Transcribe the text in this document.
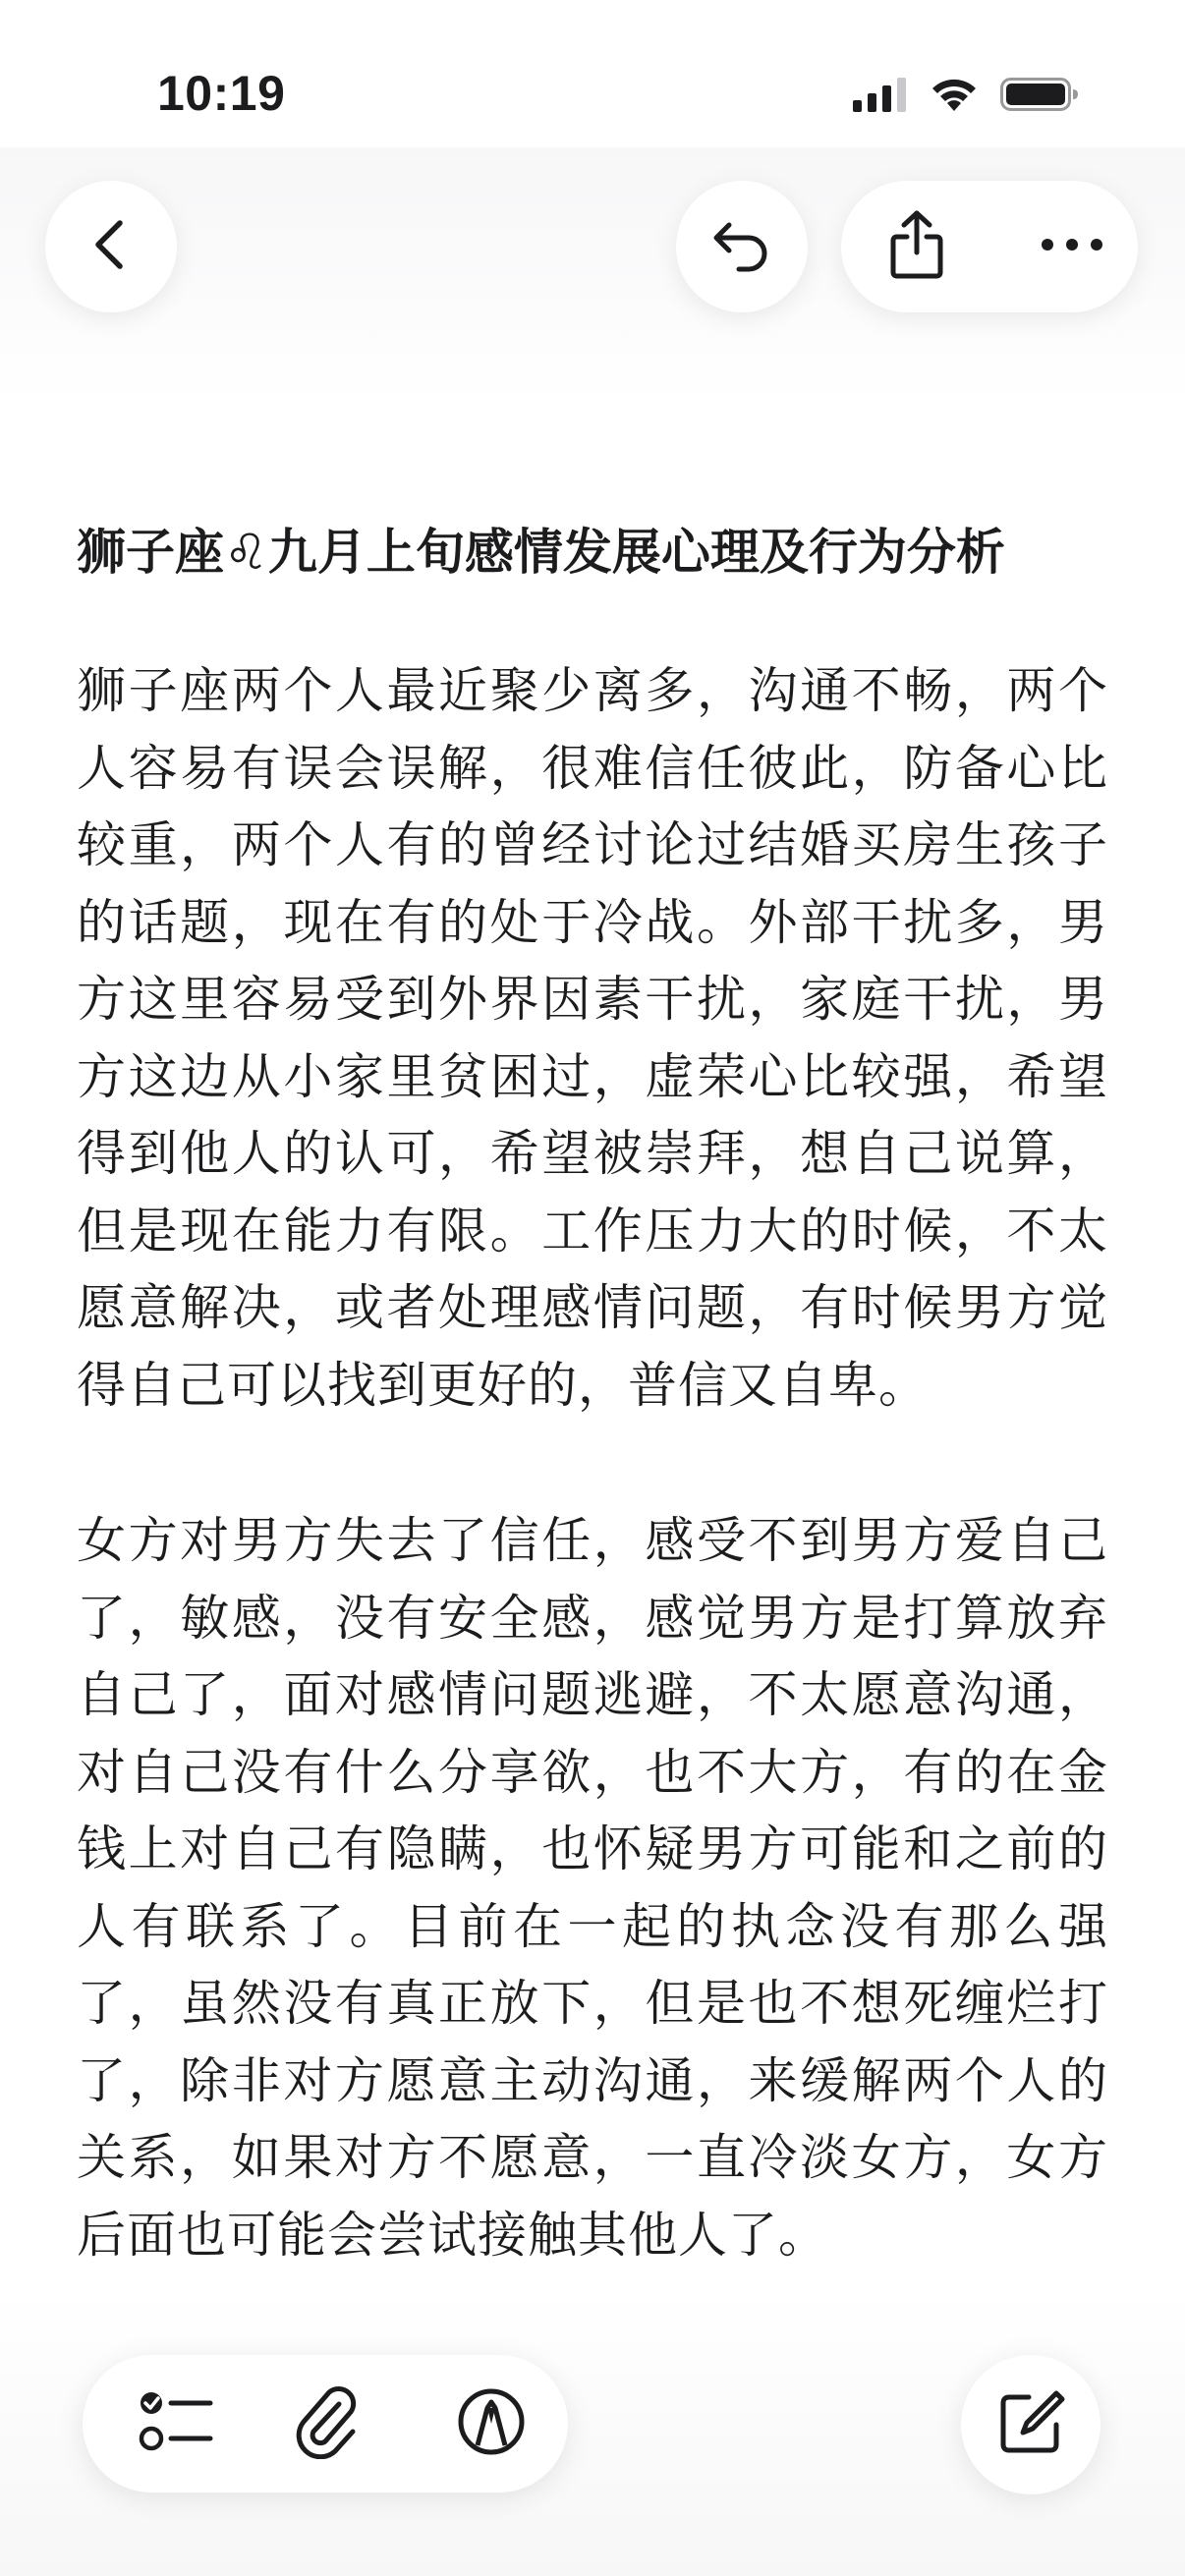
10:19

狮子座♌九月上旬感情发展心理及行为分析

狮子座两个人最近聚少离多，沟通不畅，两个人容易有误会误解，很难信任彼此，防备心比较重，两个人有的曾经讨论过结婚买房生孩子的话题，现在有的处于冷战。外部干扰多，男方这里容易受到外界因素干扰，家庭干扰，男方这边从小家里贫困过，虚荣心比较强，希望得到他人的认可，希望被崇拜，想自己说算，但是现在能力有限。工作压力大的时候，不太愿意解决，或者处理感情问题，有时候男方觉得自己可以找到更好的，普信又自卑。

女方对男方失去了信任，感受不到男方爱自己了，敏感，没有安全感，感觉男方是打算放弃自己了，面对感情问题逃避，不太愿意沟通，对自己没有什么分享欲，也不大方，有的在金钱上对自己有隐瞒，也怀疑男方可能和之前的人有联系了。目前在一起的执念没有那么强了，虽然没有真正放下，但是也不想死缠烂打了，除非对方愿意主动沟通，来缓解两个人的关系，如果对方不愿意，一直冷淡女方，女方后面也可能会尝试接触其他人了。
